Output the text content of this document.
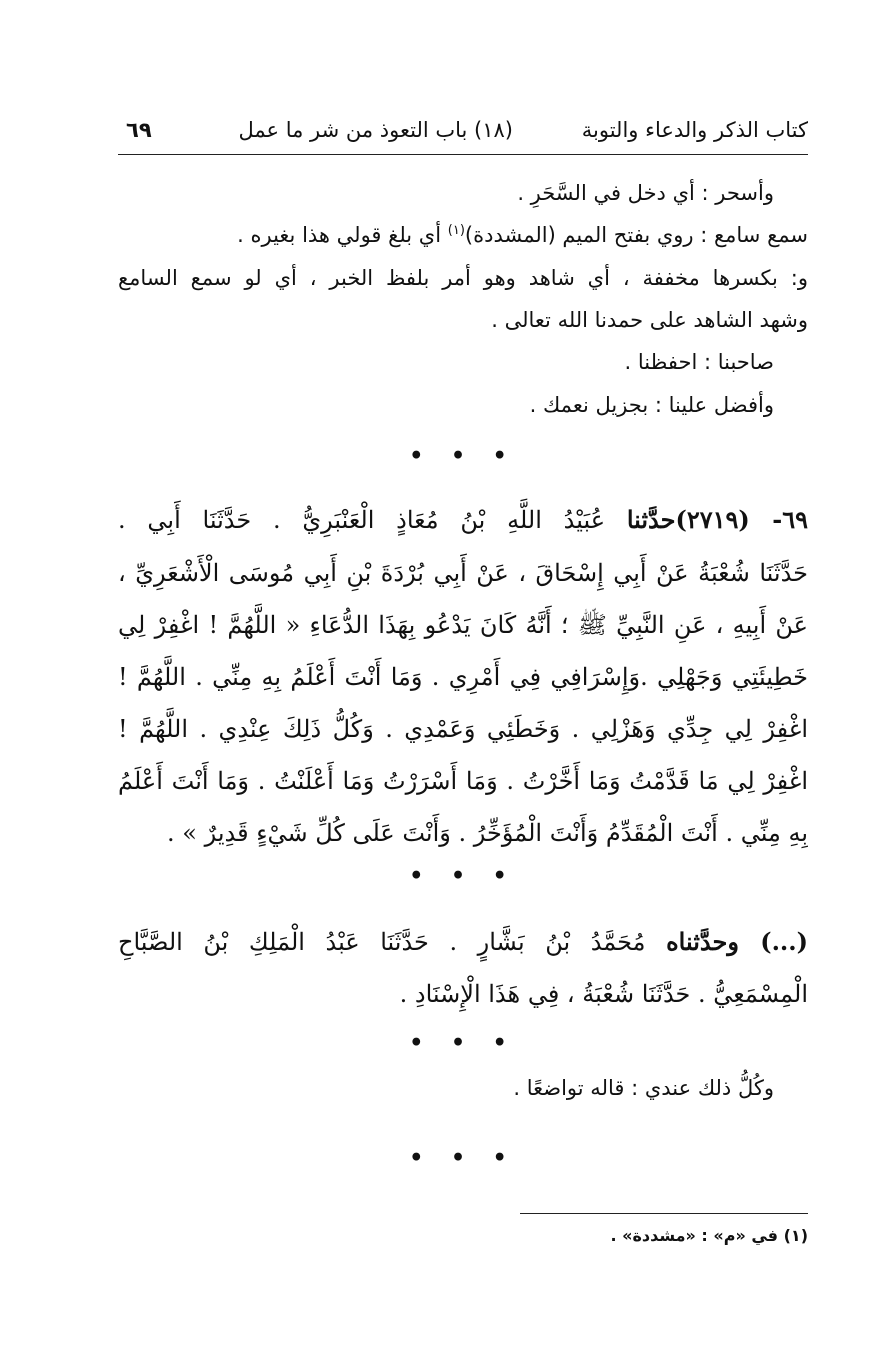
كتاب الذكر والدعاء والتوبة
(١٨) باب التعوذ من شر ما عمل
٦٩
وأسحر : أي دخل في السَّحَرِ .
سمع سامع : روي بفتح الميم (المشددة)$^{(١)}$ أي بلغ قولي هذا بغيره .
و: بكسرها مخففة ، أي شاهد وهو أمر بلفظ الخبر ، أي لو سمع السامع
وشهد الشاهد على حمدنا الله تعالى .
صاحبنا : احفظنا .
وأفضل علينا : بجزيل نعمك .
• • •
٦٩- (٢٧١٩)حدَّثنا عُبَيْدُ اللَّهِ بْنُ مُعَاذٍ الْعَنْبَرِيُّ . حَدَّثَنَا أَبِي .
حَدَّثَنَا شُعْبَةُ عَنْ أَبِي إِسْحَاقَ ، عَنْ أَبِي بُرْدَةَ بْنِ أَبِي مُوسَى الْأَشْعَرِيِّ ،
عَنْ أَبِيهِ ، عَنِ النَّبِيِّ ﷺ ؛ أَنَّهُ كَانَ يَدْعُو بِهَذَا الدُّعَاءِ « اللَّهُمَّ ! اغْفِرْ لِي
خَطِيئَتِي وَجَهْلِي .وَإِسْرَافِي فِي أَمْرِي . وَمَا أَنْتَ أَعْلَمُ بِهِ مِنِّي . اللَّهُمَّ !
اغْفِرْ لِي جِدِّي وَهَزْلِي . وَخَطَئِي وَعَمْدِي . وَكُلُّ ذَلِكَ عِنْدِي . اللَّهُمَّ !
اغْفِرْ لِي مَا قَدَّمْتُ وَمَا أَخَّرْتُ . وَمَا أَسْرَرْتُ وَمَا أَعْلَنْتُ . وَمَا أَنْتَ أَعْلَمُ
بِهِ مِنِّي . أَنْتَ الْمُقَدِّمُ وَأَنْتَ الْمُؤَخِّرُ . وَأَنْتَ عَلَى كُلِّ شَيْءٍ قَدِيرٌ » .
• • •
(...) وحدَّثناه مُحَمَّدُ بْنُ بَشَّارٍ . حَدَّثَنَا عَبْدُ الْمَلِكِ بْنُ الصَّبَّاحِ
الْمِسْمَعِيُّ . حَدَّثَنَا شُعْبَةُ ، فِي هَذَا الْإِسْنَادِ .
• • •
وكُلُّ ذلك عندي : قاله تواضعًا .
• • •
(١) في «م» : «مشددة» .
